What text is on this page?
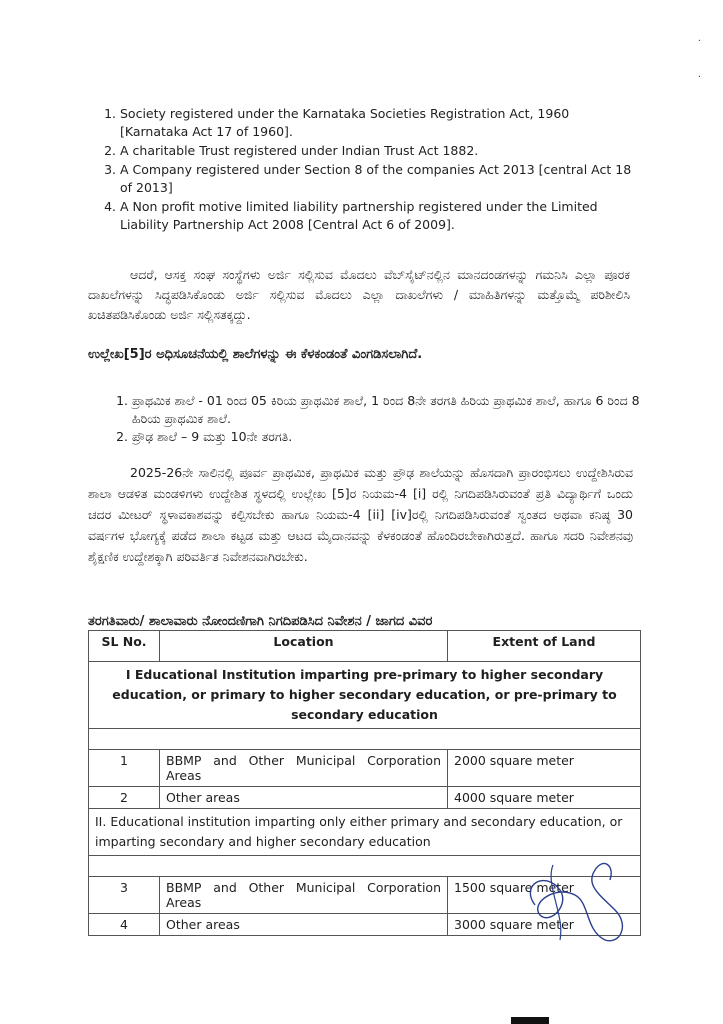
·
·
1. Society registered under the Karnataka Societies Registration Act, 1960 [Karnataka Act 17 of 1960].
2. A charitable Trust registered under Indian Trust Act 1882.
3. A Company registered under Section 8 of the companies Act 2013 [central Act 18 of 2013]
4. A Non profit motive limited liability partnership registered under the Limited Liability Partnership Act 2008 [Central Act 6 of 2009].

ಆದರೆ, ಆಸಕ್ತ ಸಂಘ ಸಂಸ್ಥೆಗಳು ಅರ್ಜಿ ಸಲ್ಲಿಸುವ ಮೊದಲು ವೆಬ್‌ಸೈಟ್‌ನಲ್ಲಿನ ಮಾನದಂಡಗಳನ್ನು ಗಮನಿಸಿ ಎಲ್ಲಾ ಪೂರಕ ದಾಖಲೆಗಳನ್ನು ಸಿದ್ಧಪಡಿಸಿಕೊಂಡು ಅರ್ಜಿ ಸಲ್ಲಿಸುವ ಮೊದಲು ಎಲ್ಲಾ ದಾಖಲೆಗಳು / ಮಾಹಿತಿಗಳನ್ನು ಮತ್ತೊಮ್ಮೆ ಪರಿಶೀಲಿಸಿ ಖಚಿತಪಡಿಸಿಕೊಂಡು ಅರ್ಜಿ ಸಲ್ಲಿಸತಕ್ಕದ್ದು.

ಉಲ್ಲೇಖ[5]ರ ಅಧಿಸೂಚನೆಯಲ್ಲಿ ಶಾಲೆಗಳನ್ನು ಈ ಕೆಳಕಂಡಂತೆ ವಿಂಗಡಿಸಲಾಗಿದೆ.

1. ಪ್ರಾಥಮಿಕ ಶಾಲೆ - 01 ರಿಂದ 05 ಕಿರಿಯ ಪ್ರಾಥಮಿಕ ಶಾಲೆ, 1 ರಿಂದ 8ನೇ ತರಗತಿ ಹಿರಿಯ ಪ್ರಾಥಮಿಕ ಶಾಲೆ, ಹಾಗೂ 6 ರಿಂದ 8 ಹಿರಿಯ ಪ್ರಾಥಮಿಕ ಶಾಲೆ.
2. ಪ್ರೌಢ ಶಾಲೆ – 9 ಮತ್ತು 10ನೇ ತರಗತಿ.

2025-26ನೇ ಸಾಲಿನಲ್ಲಿ ಪೂರ್ವ ಪ್ರಾಥಮಿಕ, ಪ್ರಾಥಮಿಕ ಮತ್ತು ಪ್ರೌಢ ಶಾಲೆಯನ್ನು ಹೊಸದಾಗಿ ಪ್ರಾರಂಭಿಸಲು ಉದ್ದೇಶಿಸಿರುವ ಶಾಲಾ ಆಡಳಿತ ಮಂಡಳಿಗಳು ಉದ್ದೇಶಿತ ಸ್ಥಳದಲ್ಲಿ ಉಲ್ಲೇಖ [5]ರ ನಿಯಮ-4 [i] ರಲ್ಲಿ ನಿಗದಿಪಡಿಸಿರುವಂತೆ ಪ್ರತಿ ವಿದ್ಯಾರ್ಥಿಗೆ ಒಂದು ಚದರ ಮೀಟರ್ ಸ್ಥಳಾವಕಾಶವನ್ನು ಕಲ್ಪಿಸಬೇಕು ಹಾಗೂ ನಿಯಮ-4 [ii] [iv]ರಲ್ಲಿ ನಿಗದಿಪಡಿಸಿರುವಂತೆ ಸ್ವಂತದ ಅಥವಾ ಕನಿಷ್ಠ 30 ವರ್ಷಗಳ ಭೋಗ್ಯಕ್ಕೆ ಪಡೆದ ಶಾಲಾ ಕಟ್ಟಡ ಮತ್ತು ಆಟದ ಮೈದಾನವನ್ನು ಕೆಳಕಂಡಂತೆ ಹೊಂದಿರಬೇಕಾಗಿರುತ್ತದೆ. ಹಾಗೂ ಸದರಿ ನಿವೇಶನವು ಶೈಕ್ಷಣಿಕ ಉದ್ದೇಶಕ್ಕಾಗಿ ಪರಿವರ್ತಿತ ನಿವೇಶನವಾಗಿರಬೇಕು.

ತರಗತಿವಾರು/ ಶಾಲಾವಾರು ನೋಂದಣಿಗಾಗಿ ನಿಗದಿಪಡಿಸಿದ ನಿವೇಶನ / ಜಾಗದ ವಿವರ

SL No.	Location	Extent of Land
I Educational Institution imparting pre-primary to higher secondary education, or primary to higher secondary education, or pre-primary to secondary education		

1	BBMP and Other Municipal Corporation Areas	2000 square meter
2	Other areas	4000 square meter
II. Educational institution imparting only either primary and secondary education, or imparting secondary and higher secondary education		

3	BBMP and Other Municipal Corporation Areas	1500 square meter
4	Other areas	3000 square meter
